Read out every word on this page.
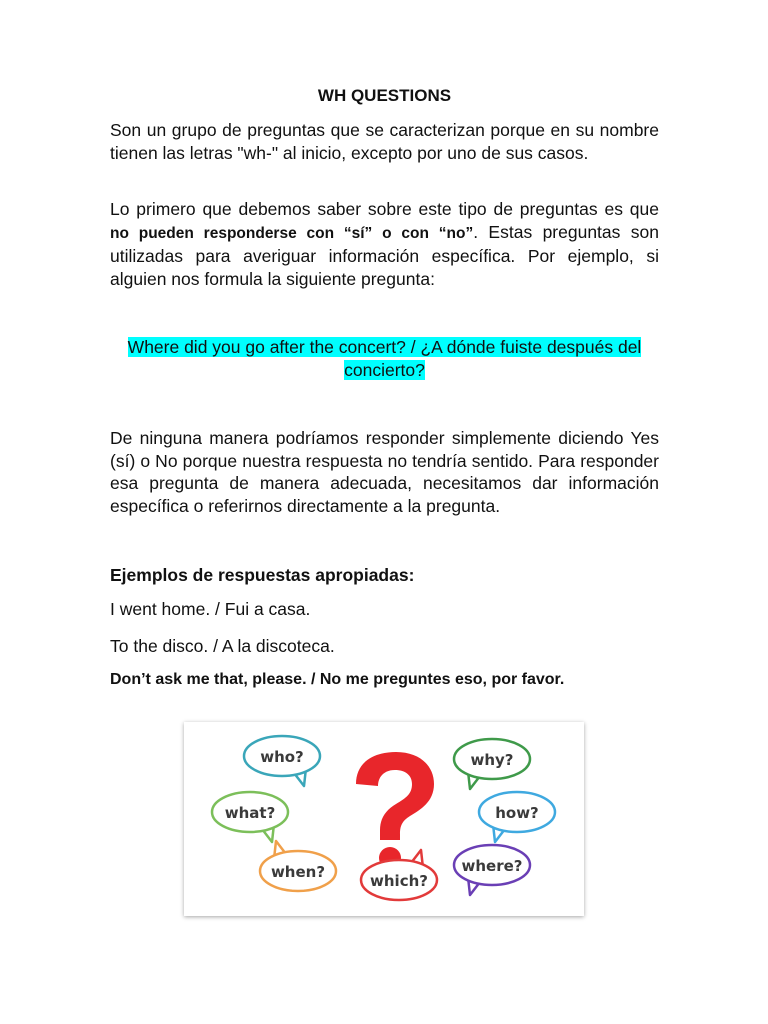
WH QUESTIONS

Son un grupo de preguntas que se caracterizan porque en su nombre tienen las letras "wh-" al inicio, excepto por uno de sus casos.

Lo primero que debemos saber sobre este tipo de preguntas es que no pueden responderse con “sí” o con “no”. Estas preguntas son utilizadas para averiguar información específica. Por ejemplo, si alguien nos formula la siguiente pregunta:

Where did you go after the concert? / ¿A dónde fuiste después del concierto?

De ninguna manera podríamos responder simplemente diciendo Yes (sí) o No porque nuestra respuesta no tendría sentido. Para responder esa pregunta de manera adecuada, necesitamos dar información específica o referirnos directamente a la pregunta.

Ejemplos de respuestas apropiadas:

I went home. / Fui a casa.

To the disco. / A la discoteca.

Don’t ask me that, please. / No me preguntes eso, por favor.

who?	why?
what?	how?
when?	which?
where?
